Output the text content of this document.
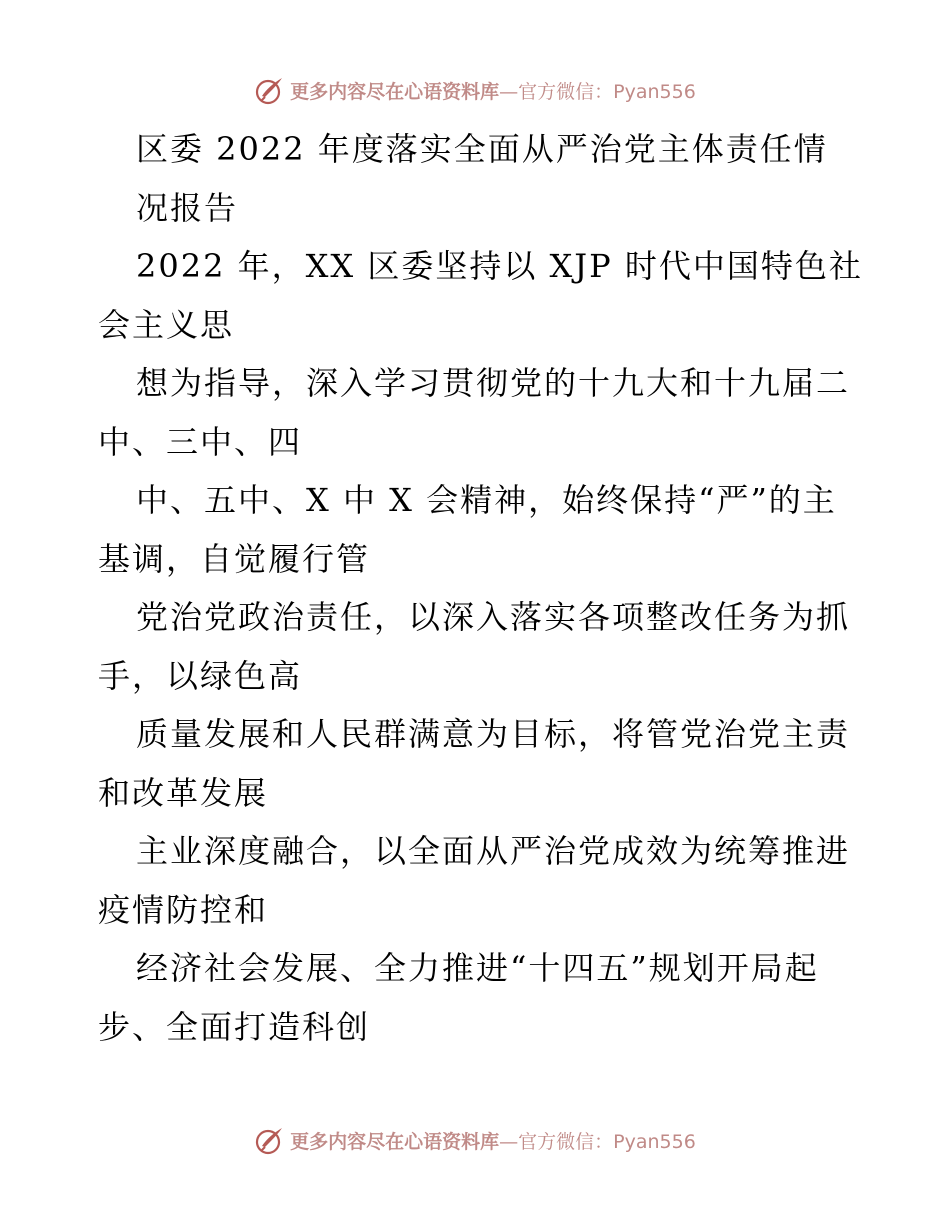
更多内容尽在心语资料库—官方微信：Pyan556
区委 2022 年度落实全面从严治党主体责任情
况报告
2022 年，XX 区委坚持以 XJP 时代中国特色社
会主义思
想为指导，深入学习贯彻党的十九大和十九届二
中、三中、四
中、五中、X 中 X 会精神，始终保持“严”的主
基调，自觉履行管
党治党政治责任，以深入落实各项整改任务为抓
手，以绿色高
质量发展和人民群满意为目标，将管党治党主责
和改革发展
主业深度融合，以全面从严治党成效为统筹推进
疫情防控和
经济社会发展、全力推进“十四五”规划开局起
步、全面打造科创
更多内容尽在心语资料库—官方微信：Pyan556
